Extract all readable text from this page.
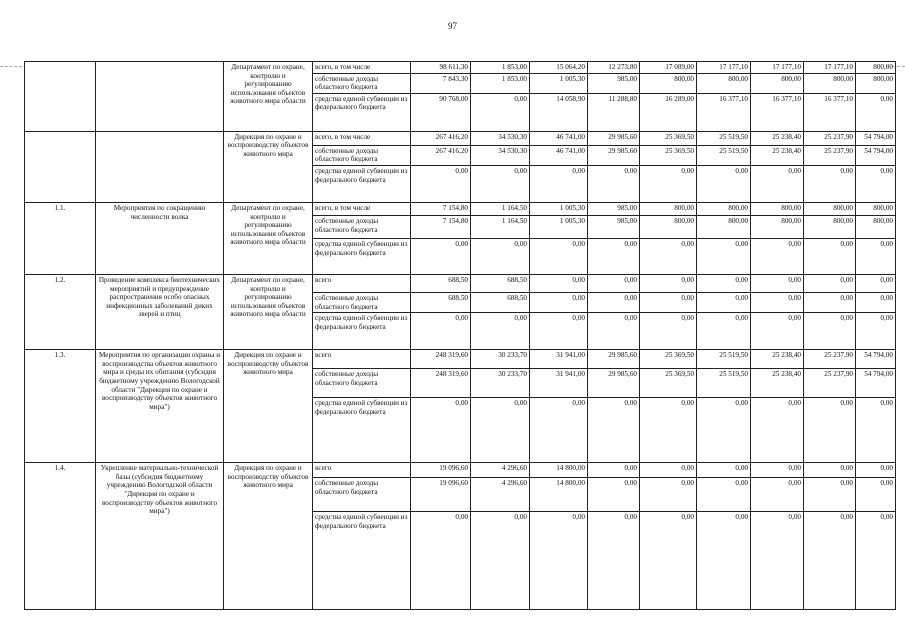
97
		Департамент по охране, контролю и регулированию использования объектов животного мира области	всего, в том числе	98 611,30	1 853,00	15 064,20	12 273,80	17 089,00	17 177,10	17 177,10	17 177,10	800,00
			собственные доходы областного бюджета	7 843,30	1 853,00	1 005,30	985,00	800,00	800,00	800,00	800,00	800,00
			средства единой субвенции из федерального бюджета	90 768,00	0,00	14 058,90	11 288,80	16 289,00	16 377,10	16 377,10	16 377,10	0,00
		Дирекция по охране и воспроизводству объектов животного мира	всего, в том числе	267 416,20	34 530,30	46 741,00	29 985,60	25 369,50	25 519,50	25 238,40	25 237,90	54 794,00
			собственные доходы областного бюджета	267 416,20	34 530,30	46 741,00	29 985,60	25 369,50	25 519,50	25 238,40	25 237,90	54 794,00
			средства единой субвенции из федерального бюджета	0,00	0,00	0,00	0,00	0,00	0,00	0,00	0,00	0,00
1.1.	Мероприятия по сокращению численности волка	Департамент по охране, контролю и регулированию использования объектов животного мира области	всего, в том числе	7 154,80	1 164,50	1 005,30	985,00	800,00	800,00	800,00	800,00	800,00
			собственные доходы областного бюджета	7 154,80	1 164,50	1 005,30	985,00	800,00	800,00	800,00	800,00	800,00
			средства единой субвенции из федерального бюджета	0,00	0,00	0,00	0,00	0,00	0,00	0,00	0,00	0,00
1.2.	Проведение комплекса биотехнических мероприятий и предупреждение распространения особо опасных инфекционных заболеваний диких зверей и птиц	Департамент по охране, контролю и регулированию использования объектов животного мира области	всего	688,50	688,50	0,00	0,00	0,00	0,00	0,00	0,00	0,00
			собственные доходы областного бюджета	688,50	688,50	0,00	0,00	0,00	0,00	0,00	0,00	0,00
			средства единой субвенции из федерального бюджета	0,00	0,00	0,00	0,00	0,00	0,00	0,00	0,00	0,00
1.3.	Мероприятия по организации охраны и воспроизводства объектов животного мира и среды их обитания (субсидия бюджетному учреждению Вологодской области "Дирекция по охране и воспроизводству объектов животного мира")	Дирекция по охране и воспроизводству объектов животного мира	всего	248 319,60	30 233,70	31 941,00	29 985,60	25 369,50	25 519,50	25 238,40	25 237,90	54 794,00
			собственные доходы областного бюджета	248 319,60	30 233,70	31 941,00	29 985,60	25 369,50	25 519,50	25 238,40	25 237,90	54 794,00
			средства единой субвенции из федерального бюджета	0,00	0,00	0,00	0,00	0,00	0,00	0,00	0,00	0,00
1.4.	Укрепление материально-технической базы (субсидия бюджетному учреждению Вологодской области "Дирекция по охране и воспроизводству объектов животного мира")	Дирекция по охране и воспроизводству объектов животного мира	всего	19 096,60	4 296,60	14 800,00	0,00	0,00	0,00	0,00	0,00	0,00
			собственные доходы областного бюджета	19 096,60	4 296,60	14 800,00	0,00	0,00	0,00	0,00	0,00	0,00
			средства единой субвенции из федерального бюджета	0,00	0,00	0,00	0,00	0,00	0,00	0,00	0,00	0,00
